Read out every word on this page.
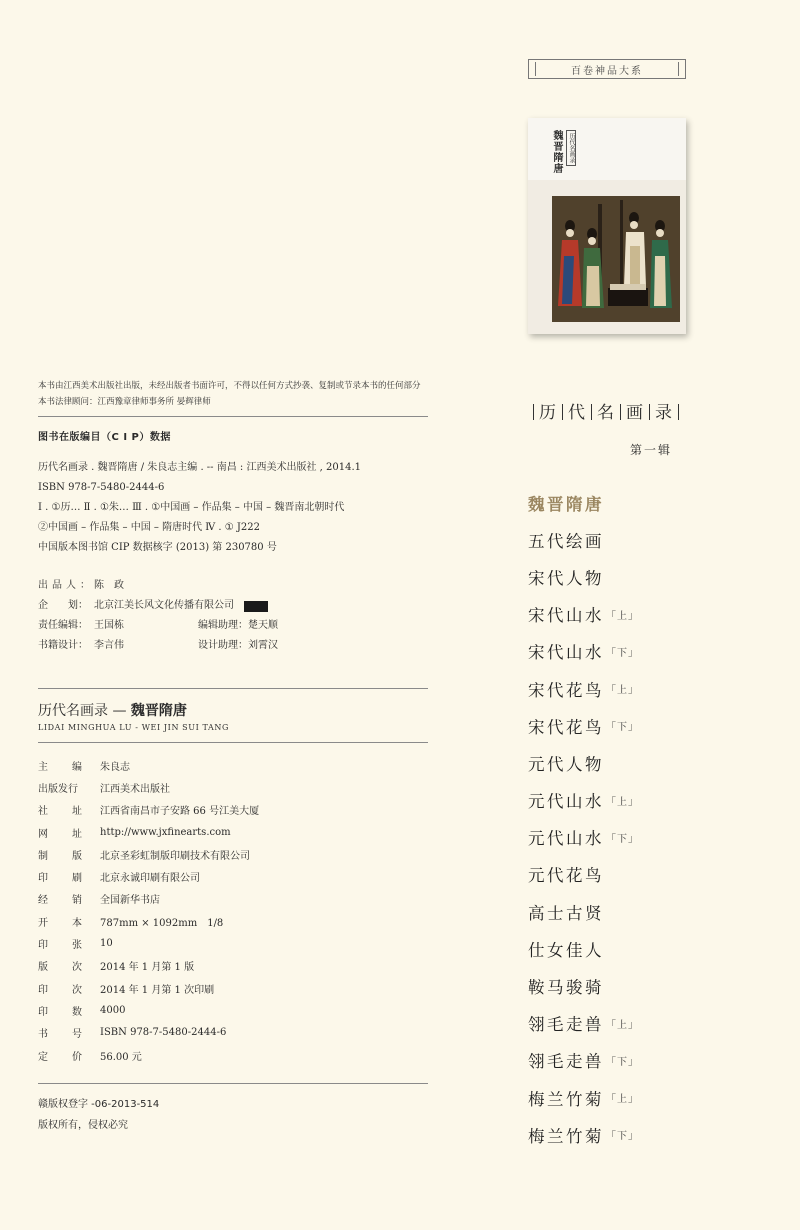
本书由江西美术出版社出版，未经出版者书面许可，不得以任何方式抄袭、复制或节录本书的任何部分
本书法律顾问：江西豫章律师事务所 晏辉律师
图书在版编目（C I P）数据
历代名画录 . 魏晋隋唐 / 朱良志主编 . -- 南昌 : 江西美术出版社 , 2014.1
ISBN 978-7-5480-2444-6
Ⅰ . ①历… Ⅱ . ①朱… Ⅲ . ①中国画 – 作品集 – 中国 – 魏晋南北朝时代
②中国画 – 作品集 – 中国 – 隋唐时代 Ⅳ . ① J222
中国版本图书馆 CIP 数据核字 (2013) 第 230780 号
出品人： 陈　政
企　　划： 北京江美长风文化传播有限公司
责任编辑： 王国栋	编辑助理： 楚天顺
书籍设计： 李言伟	设计助理： 刘霄汉
历代名画录 — 魏晋隋唐
LIDAI MINGHUA LU - WEI JIN SUI TANG
主 编 朱良志
出版发行 江西美术出版社
社 址 江西省南昌市子安路 66 号江美大厦
网 址 http://www.jxfinearts.com
制 版 北京圣彩虹制版印刷技术有限公司
印 刷 北京永诚印刷有限公司
经 销 全国新华书店
开 本 787mm × 1092mm　1/8
印 张 10
版 次 2014 年 1 月第 1 版
印 次 2014 年 1 月第 1 次印刷
印 数 4000
书 号 ISBN 978-7-5480-2444-6
定 价 56.00 元
赣版权登字 -06-2013-514
版权所有，侵权必究
百卷神品大系
魏晋隋唐	历代名画录
历 代 名 画 录
第一辑
魏晋隋唐
五代绘画
宋代人物
宋代山水 「上」
宋代山水 「下」
宋代花鸟 「上」
宋代花鸟 「下」
元代人物
元代山水 「上」
元代山水 「下」
元代花鸟
高士古贤
仕女佳人
鞍马骏骑
翎毛走兽 「上」
翎毛走兽 「下」
梅兰竹菊 「上」
梅兰竹菊 「下」
